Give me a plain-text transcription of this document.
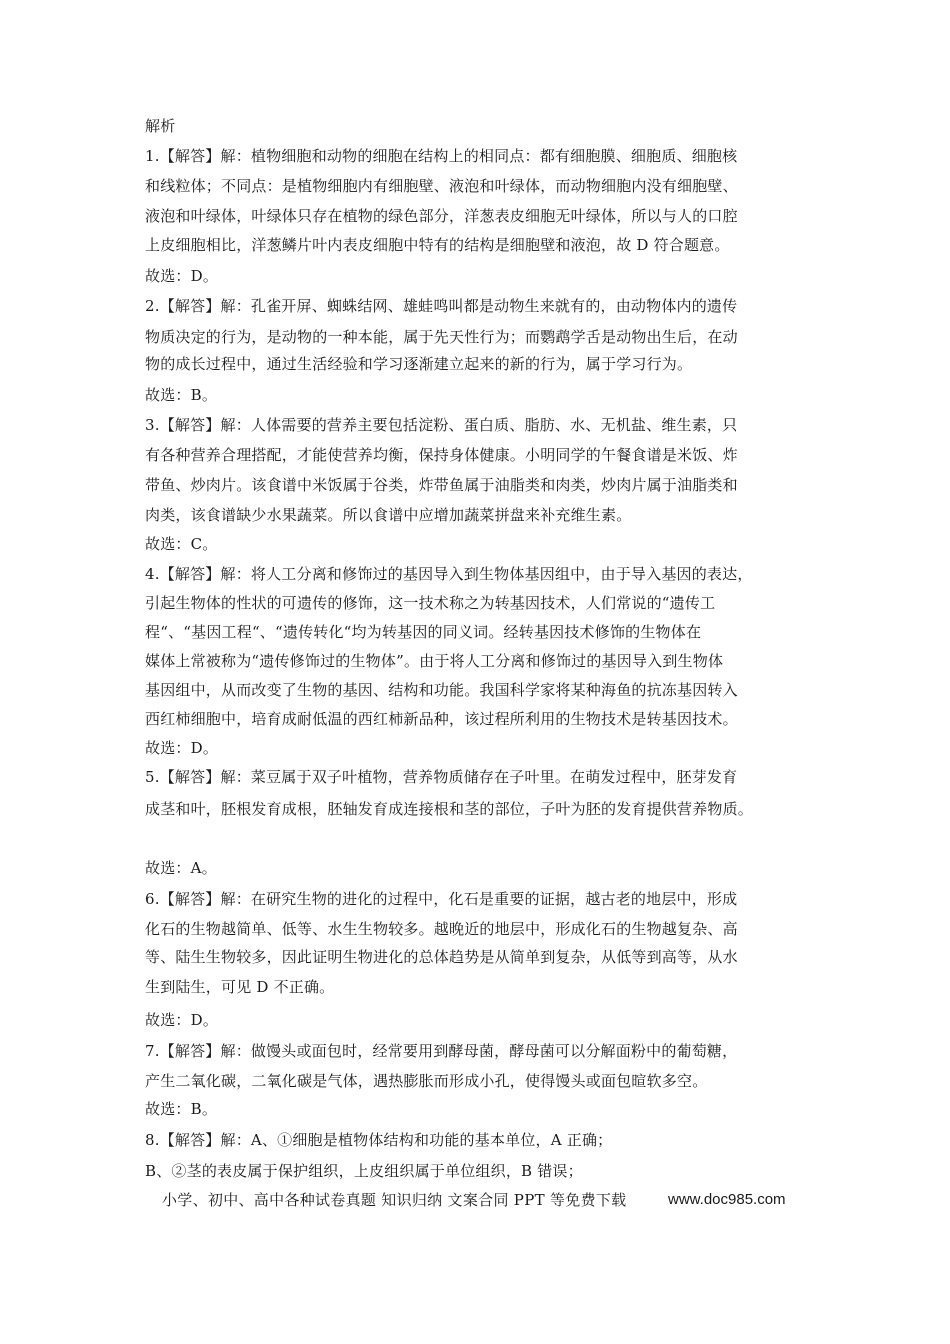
解析
1.【解答】解：植物细胞和动物的细胞在结构上的相同点：都有细胞膜、细胞质、细胞核
和线粒体；不同点：是植物细胞内有细胞壁、液泡和叶绿体，而动物细胞内没有细胞壁、
液泡和叶绿体，叶绿体只存在植物的绿色部分，洋葱表皮细胞无叶绿体，所以与人的口腔
上皮细胞相比，洋葱鳞片叶内表皮细胞中特有的结构是细胞壁和液泡，故 D 符合题意。
故选：D。
2.【解答】解：孔雀开屏、蜘蛛结网、雄蛙鸣叫都是动物生来就有的，由动物体内的遗传
物质决定的行为，是动物的一种本能，属于先天性行为；而鹦鹉学舌是动物出生后，在动
物的成长过程中，通过生活经验和学习逐渐建立起来的新的行为，属于学习行为。
故选：B。
3.【解答】解：人体需要的营养主要包括淀粉、蛋白质、脂肪、水、无机盐、维生素，只
有各种营养合理搭配，才能使营养均衡，保持身体健康。小明同学的午餐食谱是米饭、炸
带鱼、炒肉片。该食谱中米饭属于谷类，炸带鱼属于油脂类和肉类，炒肉片属于油脂类和
肉类，该食谱缺少水果蔬菜。所以食谱中应增加蔬菜拼盘来补充维生素。
故选：C。
4.【解答】解：将人工分离和修饰过的基因导入到生物体基因组中，由于导入基因的表达，
引起生物体的性状的可遗传的修饰，这一技术称之为转基因技术，人们常说的“遗传工
程“、“基因工程“、“遗传转化“均为转基因的同义词。经转基因技术修饰的生物体在
媒体上常被称为“遗传修饰过的生物体”。由于将人工分离和修饰过的基因导入到生物体
基因组中，从而改变了生物的基因、结构和功能。我国科学家将某种海鱼的抗冻基因转入
西红柿细胞中，培育成耐低温的西红柿新品种，该过程所利用的生物技术是转基因技术。
故选：D。
5.【解答】解：菜豆属于双子叶植物，营养物质储存在子叶里。在萌发过程中，胚芽发育
成茎和叶，胚根发育成根，胚轴发育成连接根和茎的部位，子叶为胚的发育提供营养物质。
故选：A。
6.【解答】解：在研究生物的进化的过程中，化石是重要的证据，越古老的地层中，形成
化石的生物越简单、低等、水生生物较多。越晚近的地层中，形成化石的生物越复杂、高
等、陆生生物较多，因此证明生物进化的总体趋势是从简单到复杂，从低等到高等，从水
生到陆生，可见 D 不正确。
故选：D。
7.【解答】解：做馒头或面包时，经常要用到酵母菌，酵母菌可以分解面粉中的葡萄糖，
产生二氧化碳，二氧化碳是气体，遇热膨胀而形成小孔，使得馒头或面包暄软多空。
故选：B。
8.【解答】解：A、①细胞是植物体结构和功能的基本单位，A 正确；
B、②茎的表皮属于保护组织，上皮组织属于单位组织，B 错误；
小学、初中、高中各种试卷真题 知识归纳 文案合同 PPT 等免费下载	www.doc985.com
